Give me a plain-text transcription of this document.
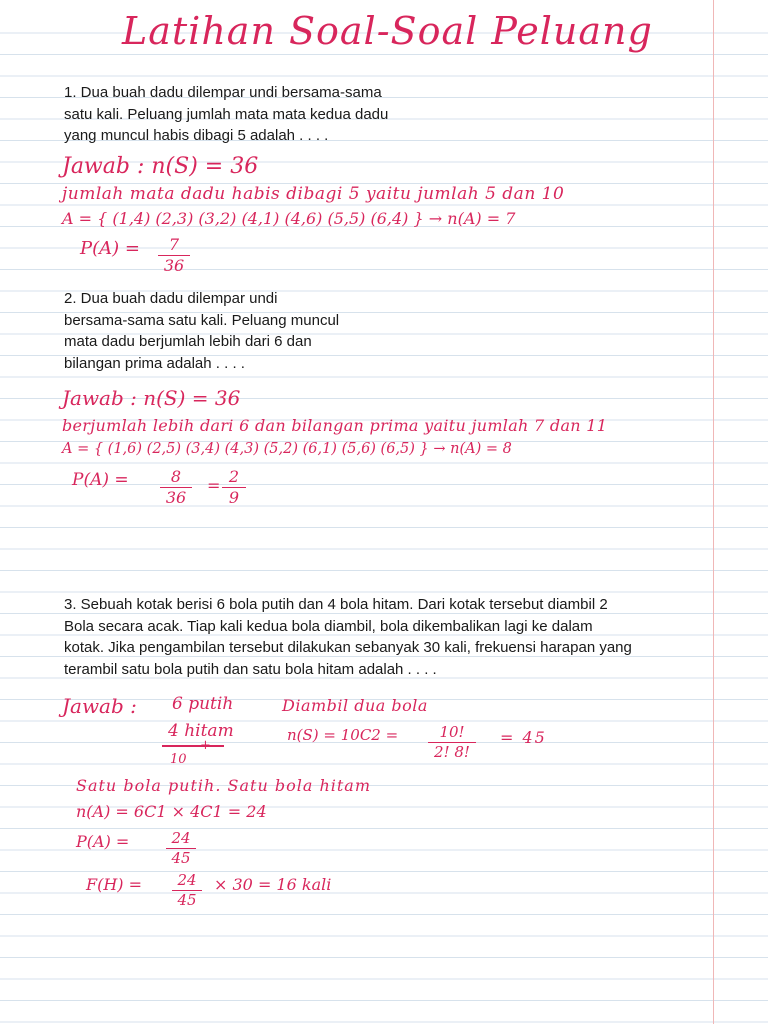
Latihan Soal-Soal Peluang
1. Dua buah dadu dilempar undi bersama-sama
satu kali. Peluang jumlah mata mata kedua dadu
yang muncul habis dibagi 5 adalah . . . .
Jawab : n(S) = 36
jumlah mata dadu habis dibagi 5 yaitu jumlah 5 dan 10
A = { (1,4) (2,3) (3,2) (4,1) (4,6) (5,5) (6,4) } → n(A) = 7
P(A) = 7
36
2. Dua buah dadu dilempar undi
bersama-sama satu kali. Peluang muncul
mata dadu berjumlah lebih dari 6 dan
bilangan prima adalah . . . .
Jawab : n(S) = 36
berjumlah lebih dari 6 dan bilangan prima yaitu jumlah 7 dan 11
A = { (1,6) (2,5) (3,4) (4,3) (5,2) (6,1) (5,6) (6,5) } → n(A) = 8
P(A) =	8
36
= 2
9
3. Sebuah kotak berisi 6 bola putih dan 4 bola hitam. Dari kotak tersebut diambil 2
Bola secara acak. Tiap kali kedua bola diambil, bola dikembalikan lagi ke dalam
kotak. Jika pengambilan tersebut dilakukan sebanyak 30 kali, frekuensi harapan yang
terambil satu bola putih dan satu bola hitam adalah . . . .
Jawab : 6 putih	Diambil dua bola
4 hitam
+
10
n(S) = 10C2 =	10!
2! 8!
= 45
Satu bola putih. Satu bola hitam
n(A) = 6C1 × 4C1 = 24
P(A) =	24
45
F(H) = 24
45
× 30 = 16 kali
